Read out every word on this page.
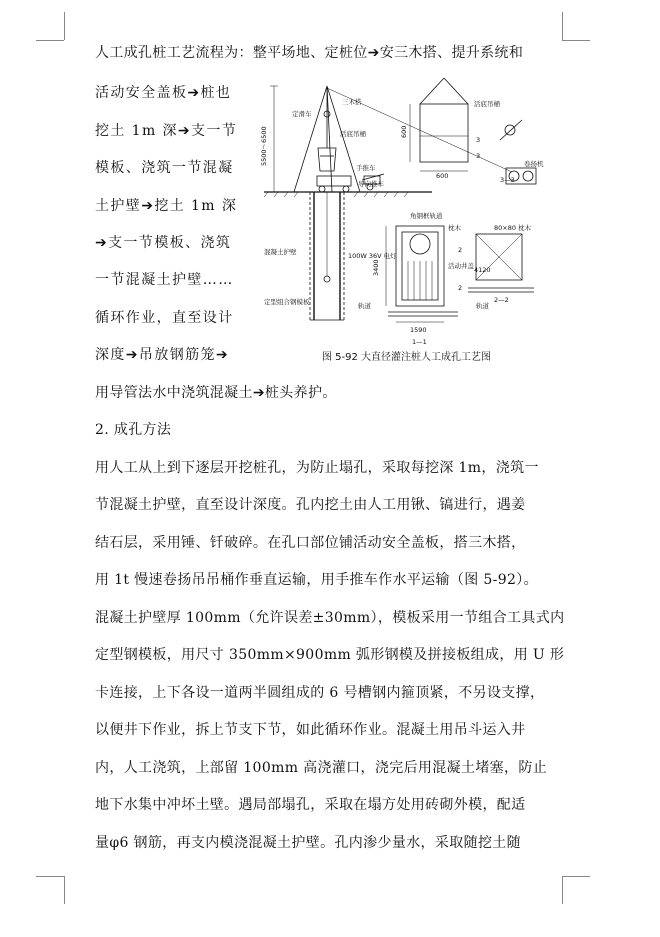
人工成孔桩工艺流程为：整平场地、定桩位➔安三木搭、提升系统和
活动安全盖板➔桩也
挖土 1m 深➔支一节
模板、浇筑一节混凝
土护壁➔挖土 1m 深
➔支一节模板、浇筑
一节混凝土护壁……
循环作业，直至设计
深度➔吊放钢筋笼➔
用导管法水中浇筑混凝土➔桩头养护。
2. 成孔方法
用人工从上到下逐层开挖桩孔，为防止塌孔，采取每挖深 1m，浇筑一
节混凝土护壁，直至设计深度。孔内挖土由人工用锹、镐进行，遇姜
结石层，采用锤、钎破碎。在孔口部位铺活动安全盖板，搭三木搭，
用 1t 慢速卷扬吊吊桶作垂直运输，用手推车作水平运输（图 5-92）。
混凝土护壁厚 100mm（允许误差±30mm），模板采用一节组合工具式内
定型钢模板，用尺寸 350mm×900mm 弧形钢模及拼接板组成，用 U 形
卡连接，上下各设一道两半圆组成的 6 号槽钢内箍顶紧，不另设支撑，
以便井下作业，拆上节支下节，如此循环作业。混凝土用吊斗运入井
内，人工浇筑，上部留 100mm 高浇灌口，浇完后用混凝土堵塞，防止
地下水集中冲坏土壁。遇局部塌孔，采取在塌方处用砖砌外模，配适
量φ6 钢筋，再支内模浇混凝土护壁。孔内渗少量水，采取随挖土随
三木搭
定滑车
活底吊桶
活底吊桶
手推车
导向推车
卷扬机
5500～6500	600
600	3—3
3
3
角钢框轨道
枕木	80×80 枕木
混凝土护壁	100W 36V 电灯
定型组合钢模板	轨道
活动井盖
轨道
3400
1590
1—1
2—2
4120
2
2
图 5-92 大直径灌注桩人工成孔工艺图
